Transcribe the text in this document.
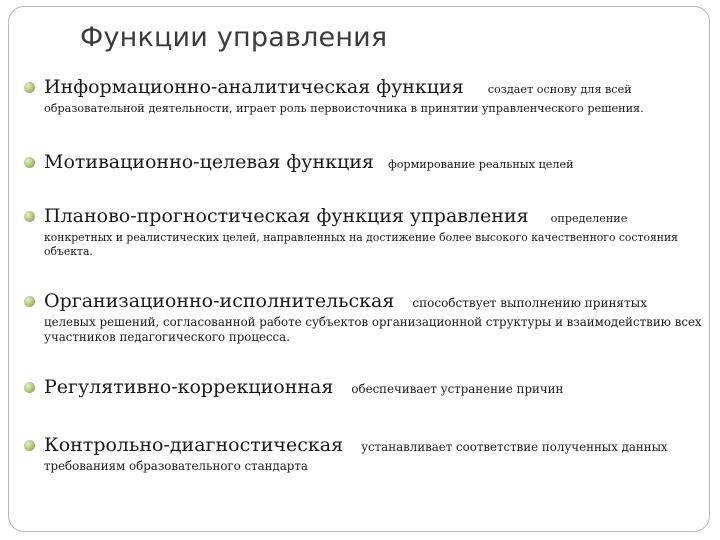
Функции управления
Информационно-аналитическая функция создает основу для всей
образовательной деятельности, играет роль первоисточника в принятии управленческого решения.
Мотивационно-целевая функция формирование реальных целей
Планово-прогностическая функция управления определение
конкретных и реалистических целей, направленных на достижение более высокого качественного состояния объекта.
Организационно-исполнительская способствует выполнению принятых
целевых решений, согласованной работе субъектов организационной структуры и взаимодействию всех участников педагогического процесса.
Регулятивно-коррекционная обеспечивает устранение причин
Контрольно-диагностическая устанавливает соответствие полученных данных
требованиям образовательного стандарта
